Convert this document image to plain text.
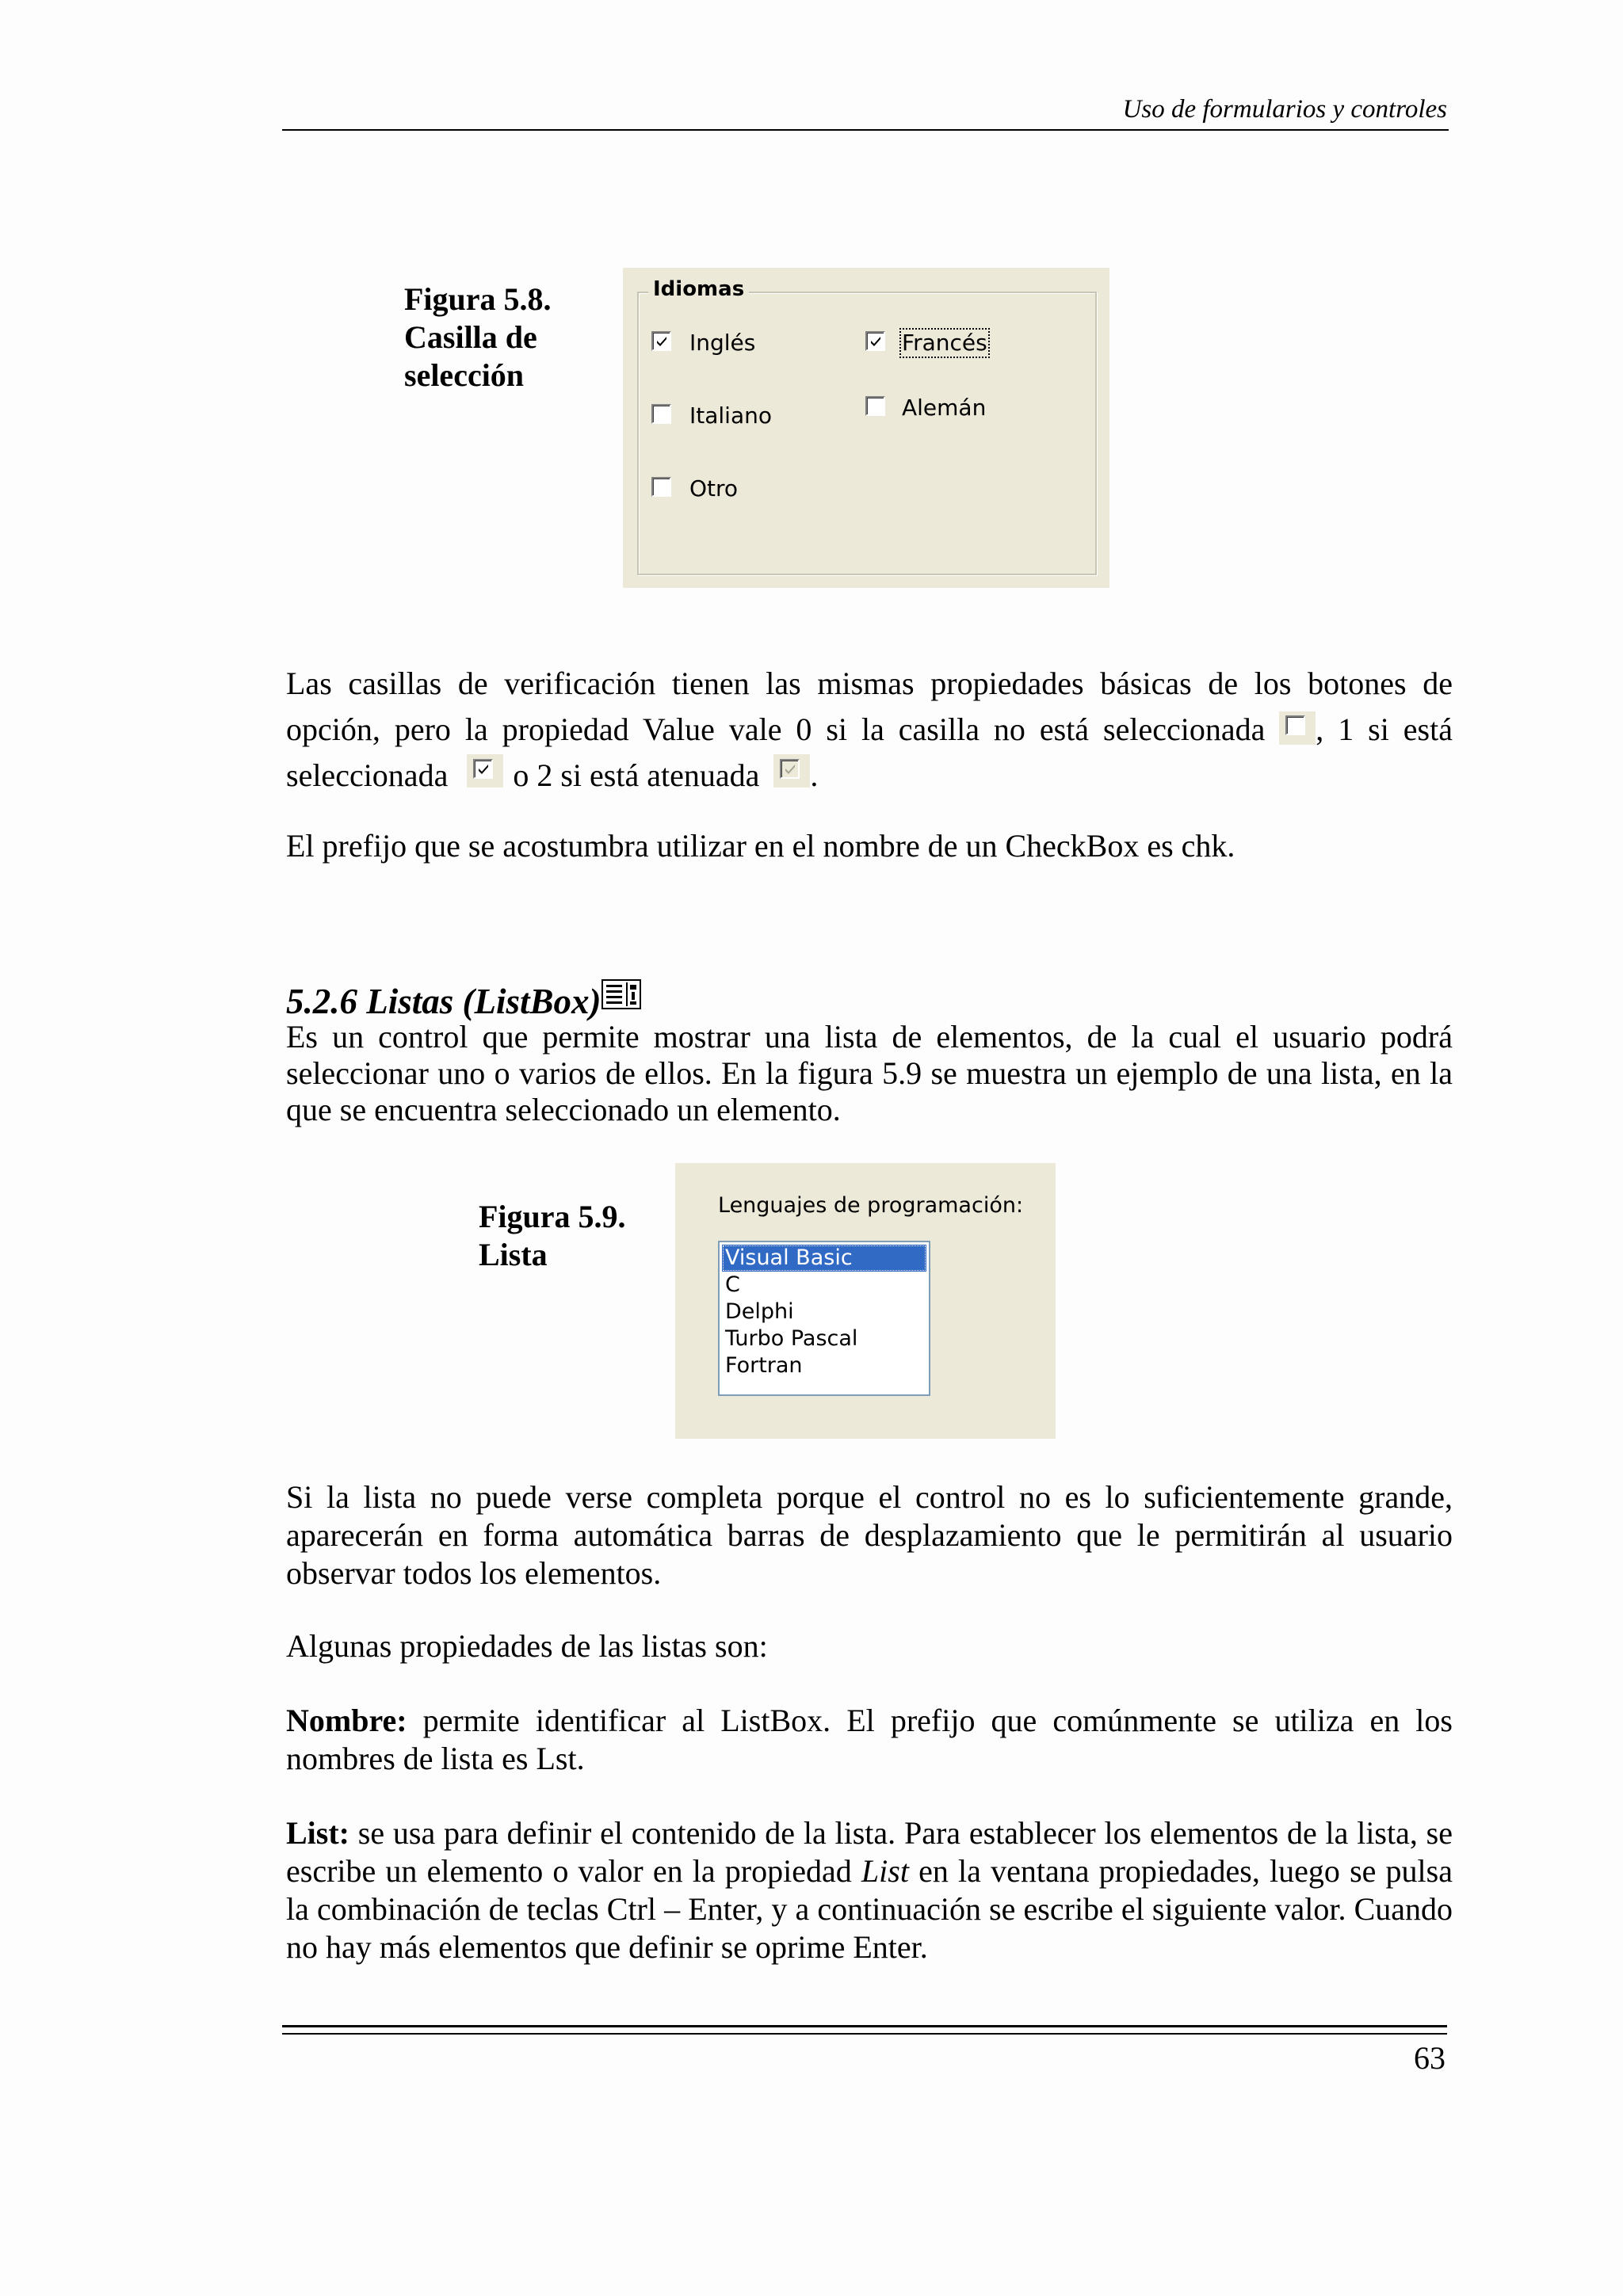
Uso de formularios y controles
Figura 5.8.
Casilla de
selección
Idiomas
Inglés	Francés
Italiano	Alemán
Otro
Las casillas de verificación tienen las mismas propiedades básicas de los botones de opción, pero la propiedad Value vale 0 si la casilla no está seleccionada , 1 si está seleccionada o 2 si está atenuada .
El prefijo que se acostumbra utilizar en el nombre de un CheckBox es chk.
5.2.6 Listas (ListBox)
Es un control que permite mostrar una lista de elementos, de la cual el usuario podrá seleccionar uno o varios de ellos. En la figura 5.9 se muestra un ejemplo de una lista, en la que se encuentra seleccionado un elemento.
Figura 5.9.
Lista
Lenguajes de programación:
Visual Basic
C
Delphi
Turbo Pascal
Fortran
Si la lista no puede verse completa porque el control no es lo suficientemente grande, aparecerán en forma automática barras de desplazamiento que le permitirán al usuario observar todos los elementos.
Algunas propiedades de las listas son:
Nombre: permite identificar al ListBox. El prefijo que comúnmente se utiliza en los nombres de lista es Lst.
List: se usa para definir el contenido de la lista. Para establecer los elementos de la lista, se escribe un elemento o valor en la propiedad List en la ventana propiedades, luego se pulsa la combinación de teclas Ctrl – Enter, y a continuación se escribe el siguiente valor. Cuando no hay más elementos que definir se oprime Enter.
63
